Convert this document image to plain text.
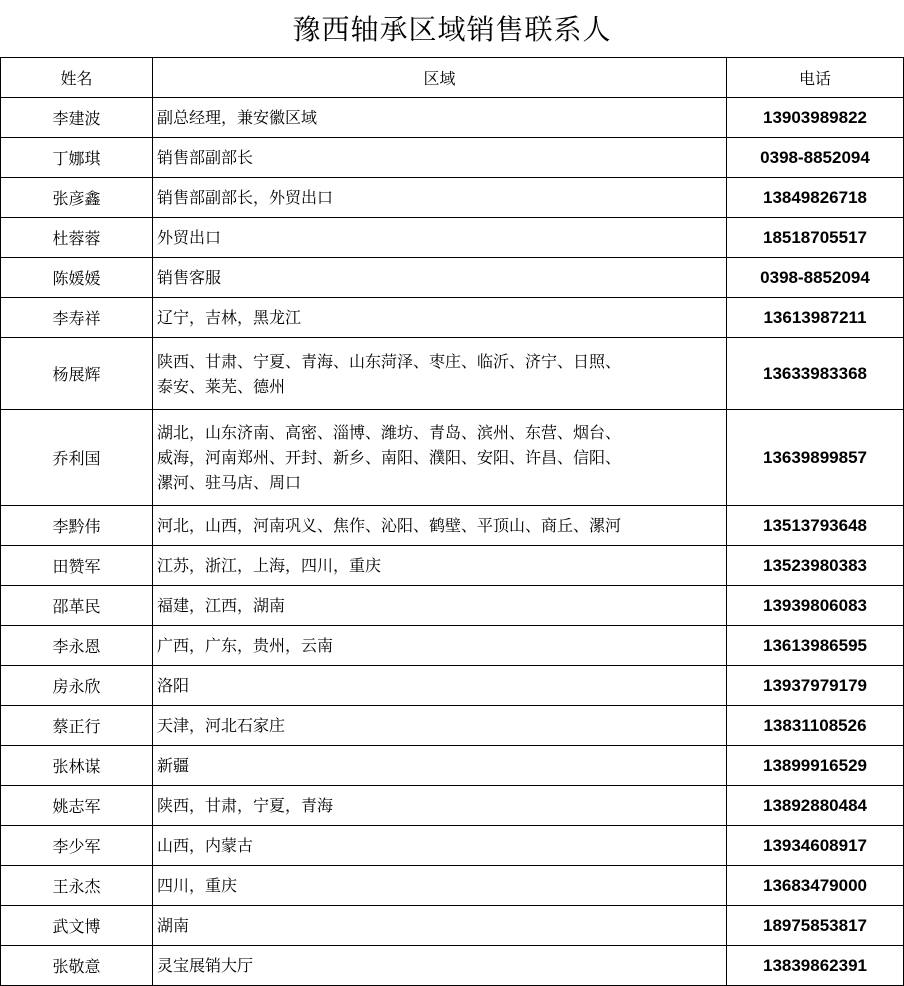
豫西轴承区域销售联系人
姓名	区域	电话
李建波	副总经理，兼安徽区域	13903989822
丁娜琪	销售部副部长	0398-8852094
张彦鑫	销售部副部长，外贸出口	13849826718
杜蓉蓉	外贸出口	18518705517
陈媛媛	销售客服	0398-8852094
李寿祥	辽宁，吉林，黑龙江	13613987211
杨展辉	陕西、甘肃、宁夏、青海、山东菏泽、枣庄、临沂、济宁、日照、
泰安、莱芜、德州	13633983368
乔利国	湖北，山东济南、高密、淄博、潍坊、青岛、滨州、东营、烟台、
威海，河南郑州、开封、新乡、南阳、濮阳、安阳、许昌、信阳、
漯河、驻马店、周口	13639899857
李黔伟	河北，山西，河南巩义、焦作、沁阳、鹤壁、平顶山、商丘、漯河	13513793648
田赞军	江苏，浙江，上海，四川，重庆	13523980383
邵革民	福建，江西，湖南	13939806083
李永恩	广西，广东，贵州，云南	13613986595
房永欣	洛阳	13937979179
蔡正行	天津，河北石家庄	13831108526
张林谋	新疆	13899916529
姚志军	陕西，甘肃，宁夏，青海	13892880484
李少军	山西，内蒙古	13934608917
王永杰	四川，重庆	13683479000
武文博	湖南	18975853817
张敬意	灵宝展销大厅	13839862391
